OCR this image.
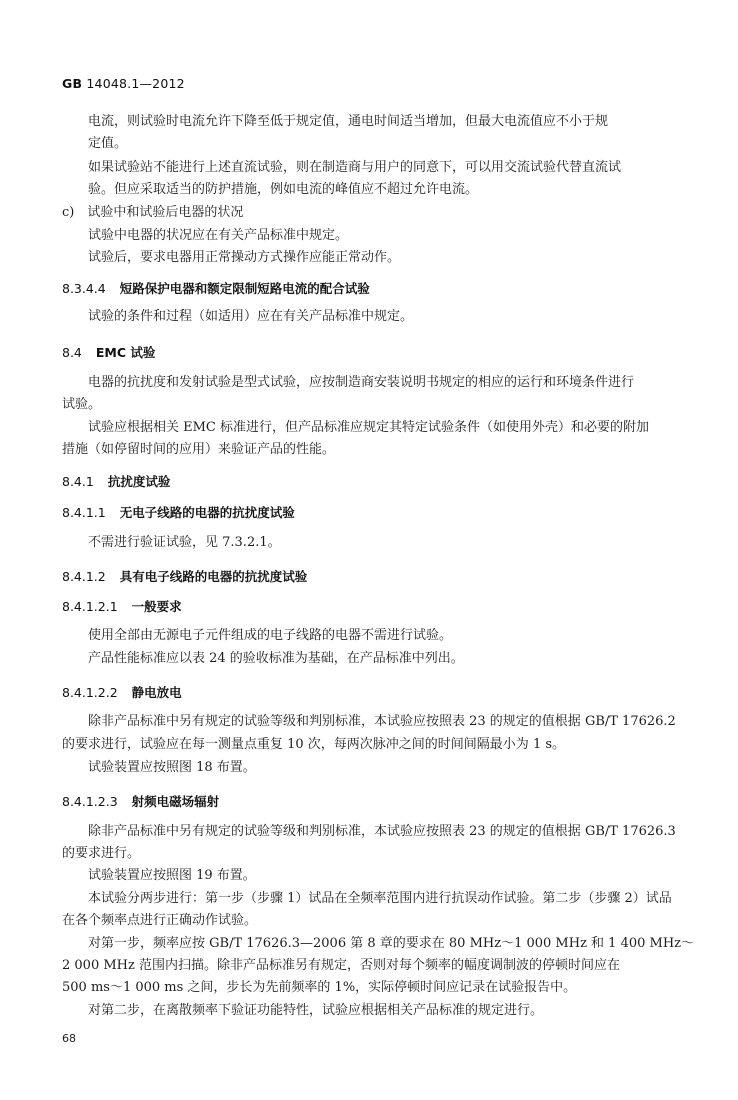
GB 14048.1—2012
电流，则试验时电流允许下降至低于规定值，通电时间适当增加，但最大电流值应不小于规
定值。
如果试验站不能进行上述直流试验，则在制造商与用户的同意下，可以用交流试验代替直流试
验。但应采取适当的防护措施，例如电流的峰值应不超过允许电流。
c)　试验中和试验后电器的状况
试验中电器的状况应在有关产品标准中规定。
试验后，要求电器用正常操动方式操作应能正常动作。
8.3.4.4 短路保护电器和额定限制短路电流的配合试验
试验的条件和过程（如适用）应在有关产品标准中规定。
8.4 EMC 试验
电器的抗扰度和发射试验是型式试验，应按制造商安装说明书规定的相应的运行和环境条件进行
试验。
试验应根据相关 EMC 标准进行，但产品标准应规定其特定试验条件（如使用外壳）和必要的附加
措施（如停留时间的应用）来验证产品的性能。
8.4.1 抗扰度试验
8.4.1.1 无电子线路的电器的抗扰度试验
不需进行验证试验，见 7.3.2.1。
8.4.1.2 具有电子线路的电器的抗扰度试验
8.4.1.2.1 一般要求
使用全部由无源电子元件组成的电子线路的电器不需进行试验。
产品性能标准应以表 24 的验收标准为基础，在产品标准中列出。
8.4.1.2.2 静电放电
除非产品标准中另有规定的试验等级和判别标准，本试验应按照表 23 的规定的值根据 GB/T 17626.2
的要求进行，试验应在每一测量点重复 10 次，每两次脉冲之间的时间间隔最小为 1 s。
试验装置应按照图 18 布置。
8.4.1.2.3 射频电磁场辐射
除非产品标准中另有规定的试验等级和判别标准，本试验应按照表 23 的规定的值根据 GB/T 17626.3
的要求进行。
试验装置应按照图 19 布置。
本试验分两步进行：第一步（步骤 1）试品在全频率范围内进行抗误动作试验。第二步（步骤 2）试品
在各个频率点进行正确动作试验。
对第一步，频率应按 GB/T 17626.3—2006 第 8 章的要求在 80 MHz～1 000 MHz 和 1 400 MHz～
2 000 MHz 范围内扫描。除非产品标准另有规定，否则对每个频率的幅度调制波的停顿时间应在
500 ms～1 000 ms 之间，步长为先前频率的 1%，实际停顿时间应记录在试验报告中。
对第二步，在离散频率下验证功能特性，试验应根据相关产品标准的规定进行。
68
